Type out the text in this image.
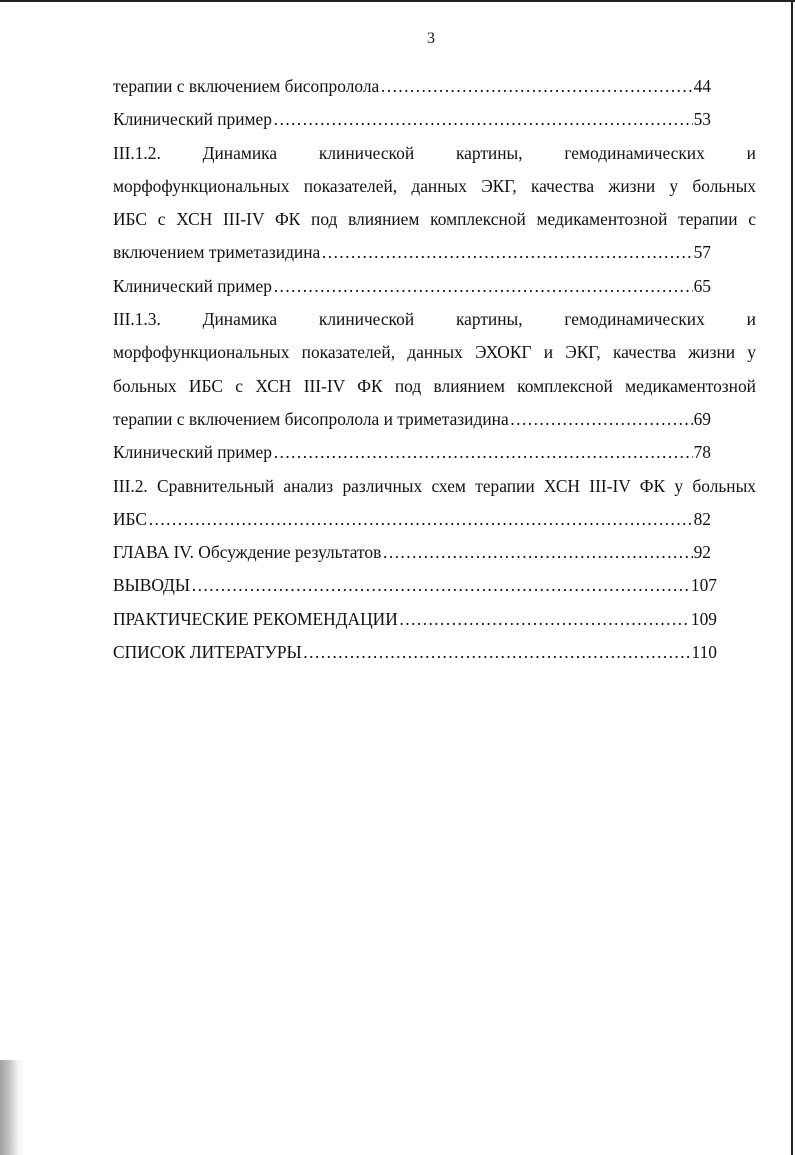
3
терапии с включением бисопролола ……………………………………………………………………………………………………………………………………………	44
Клинический пример ……………………………………………………………………………………………………………………………………………	53
III.1.2. Динамика клинической картины, гемодинамических и
морфофункциональных показателей, данных ЭКГ, качества жизни у больных
ИБС с ХСН III-IV ФК под влиянием комплексной медикаментозной терапии с
включением триметазидина ……………………………………………………………………………………………………………………………………………	57
Клинический пример ……………………………………………………………………………………………………………………………………………	65
III.1.3. Динамика клинической картины, гемодинамических и
морфофункциональных показателей, данных ЭХОКГ и ЭКГ, качества жизни у
больных ИБС с ХСН III-IV ФК под влиянием комплексной медикаментозной
терапии с включением бисопролола и триметазидина ……………………………………………………………………………………………………………………………………………	69
Клинический пример ……………………………………………………………………………………………………………………………………………	78
III.2. Сравнительный анализ различных схем терапии ХСН III-IV ФК у больных
ИБС ……………………………………………………………………………………………………………………………………………	82
ГЛАВА IV. Обсуждение результатов ……………………………………………………………………………………………………………………………………………	92
ВЫВОДЫ ……………………………………………………………………………………………………………………………………………	107
ПРАКТИЧЕСКИЕ РЕКОМЕНДАЦИИ ……………………………………………………………………………………………………………………………………………	109
СПИСОК ЛИТЕРАТУРЫ ……………………………………………………………………………………………………………………………………………	110
